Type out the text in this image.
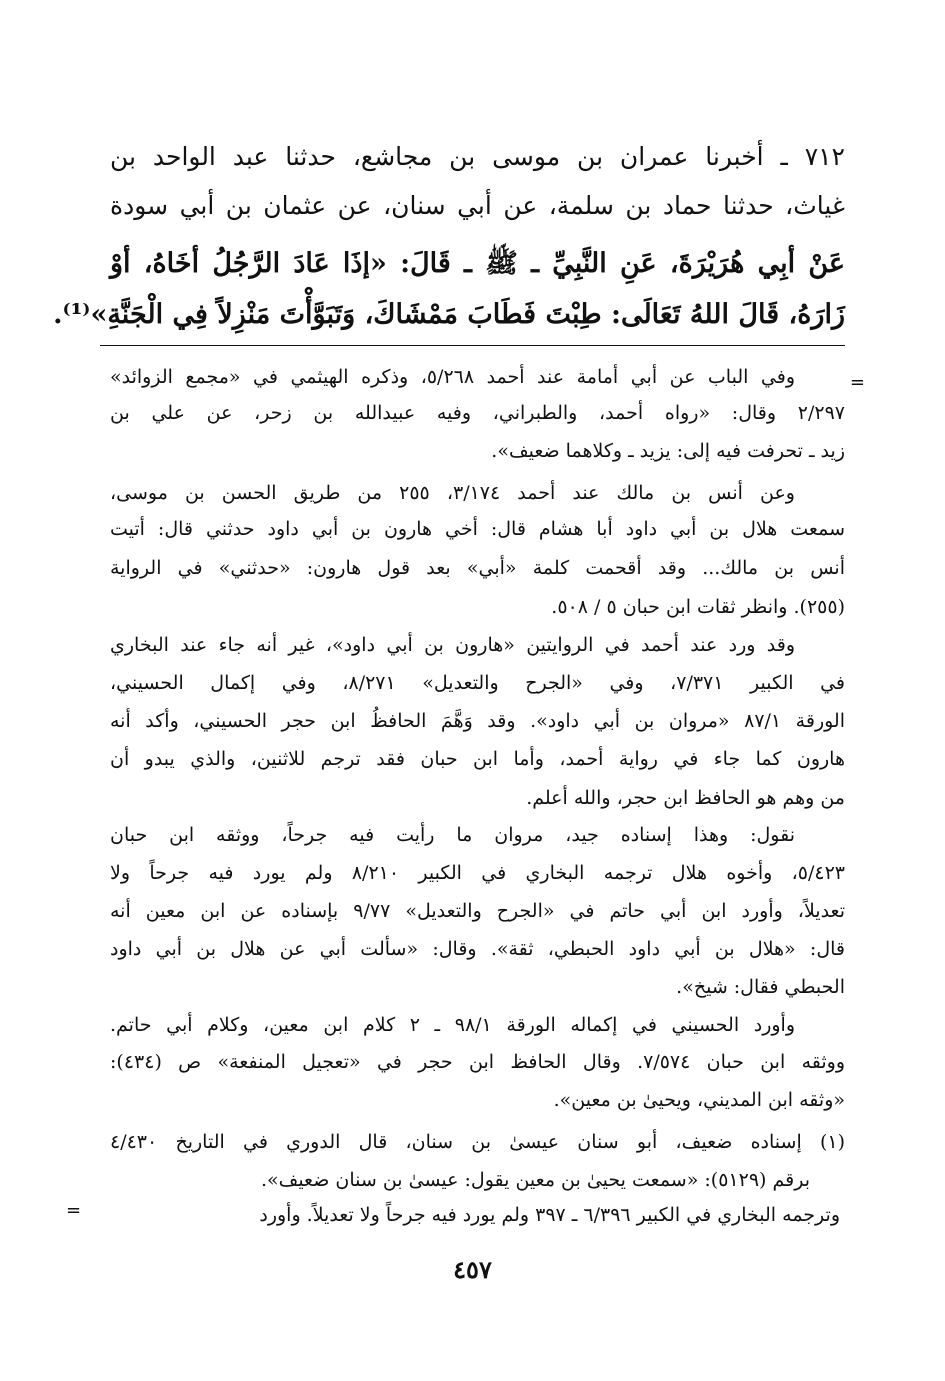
٧١٢ ـ أخبرنا عمران بن موسى بن مجاشع، حدثنا عبد الواحد بن
غياث، حدثنا حماد بن سلمة، عن أبي سنان، عن عثمان بن أبي سودة
عَنْ أبِي هُرَيْرَةَ، عَنِ النَّبِيِّ ـ ﷺ ـ قَالَ: «إذَا عَادَ الرَّجُلُ أخَاهُ، أوْ
زَارَهُ، قَالَ اللهُ تَعَالَى: طِبْتَ فَطَابَ مَمْشَاكَ، وَتَبَوَّأْتَ مَنْزِلاً فِي الْجَنَّةِ»⁽¹⁾.
=
وفي الباب عن أبي أمامة عند أحمد ٥/٢٦٨، وذكره الهيثمي في «مجمع الزوائد»
٢/٢٩٧ وقال: «رواه أحمد، والطبراني، وفيه عبيدالله بن زحر، عن علي بن
زيد ـ تحرفت فيه إلى: يزيد ـ وكلاهما ضعيف».
وعن أنس بن مالك عند أحمد ٣/١٧٤، ٢٥٥ من طريق الحسن بن موسى،
سمعت هلال بن أبي داود أبا هشام قال: أخي هارون بن أبي داود حدثني قال: أتيت
أنس بن مالك... وقد أقحمت كلمة «أبي» بعد قول هارون: «حدثني» في الرواية
(٢٥٥). وانظر ثقات ابن حبان ٥ / ٥٠٨.
وقد ورد عند أحمد في الروايتين «هارون بن أبي داود»، غير أنه جاء عند البخاري
في الكبير ٧/٣٧١، وفي «الجرح والتعديل» ٨/٢٧١، وفي إكمال الحسيني،
الورقة ٨٧/١ «مروان بن أبي داود». وقد وَهَّمَ الحافظُ ابن حجر الحسيني، وأكد أنه
هارون كما جاء في رواية أحمد، وأما ابن حبان فقد ترجم للاثنين، والذي يبدو أن
من وهم هو الحافظ ابن حجر، والله أعلم.
نقول: وهذا إسناده جيد، مروان ما رأيت فيه جرحاً، ووثقه ابن حبان
٥/٤٢٣، وأخوه هلال ترجمه البخاري في الكبير ٨/٢١٠ ولم يورد فيه جرحاً ولا
تعديلاً، وأورد ابن أبي حاتم في «الجرح والتعديل» ٩/٧٧ بإسناده عن ابن معين أنه
قال: «هلال بن أبي داود الحبطي، ثقة». وقال: «سألت أبي عن هلال بن أبي داود
الحبطي فقال: شيخ».
وأورد الحسيني في إكماله الورقة ٩٨/١ ـ ٢ كلام ابن معين، وكلام أبي حاتم.
ووثقه ابن حبان ٧/٥٧٤. وقال الحافظ ابن حجر في «تعجيل المنفعة» ص (٤٣٤):
«وثقه ابن المديني، ويحيىٰ بن معين».
(١) إسناده ضعيف، أبو سنان عيسىٰ بن سنان، قال الدوري في التاريخ ٤/٤٣٠
برقم (٥١٢٩): «سمعت يحيىٰ بن معين يقول: عيسىٰ بن سنان ضعيف».
وترجمه البخاري في الكبير ٦/٣٩٦ ـ ٣٩٧ ولم يورد فيه جرحاً ولا تعديلاً. وأورد
=
٤٥٧
